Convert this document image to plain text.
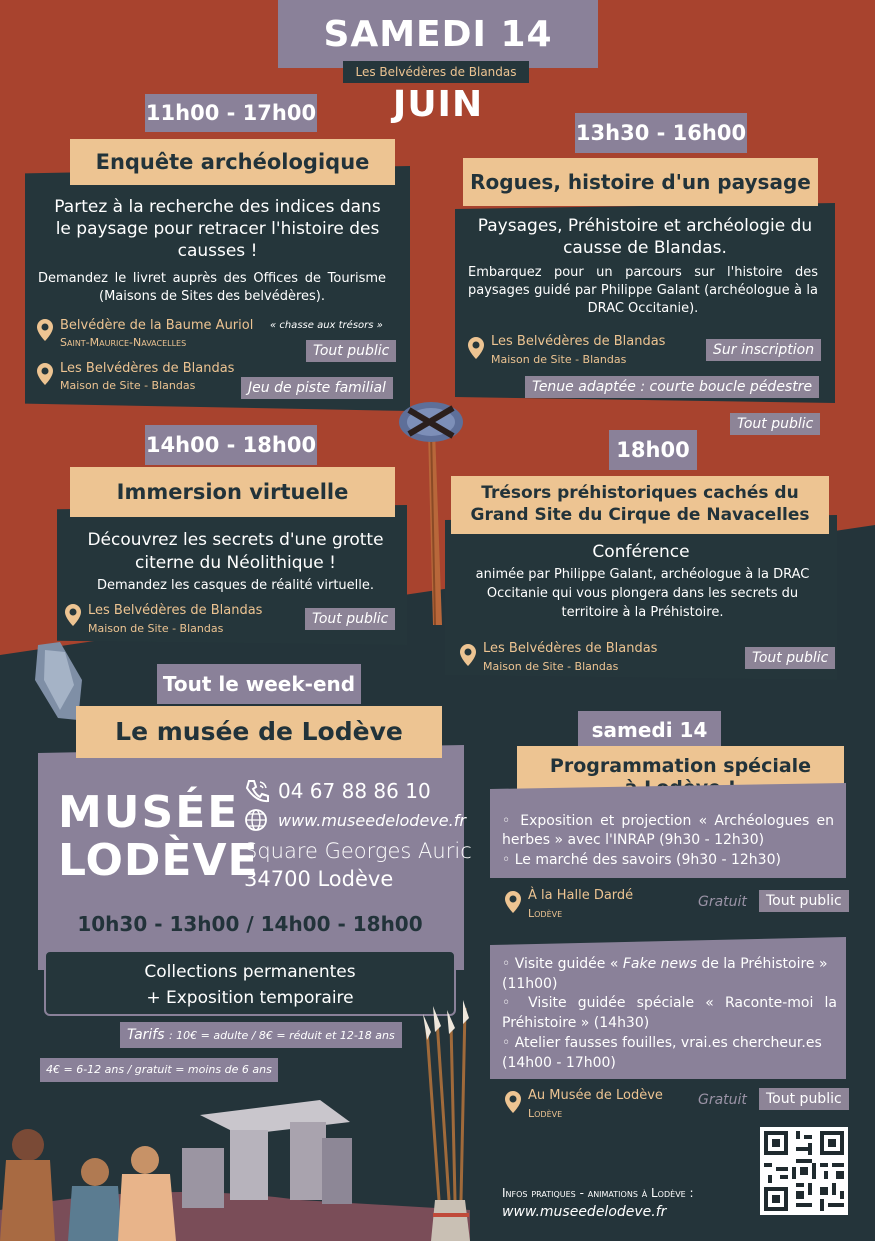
SAMEDI 14 JUIN
Les Belvédères de Blandas
11h00 - 17h00
Enquête archéologique
Partez à la recherche des indices dans le paysage pour retracer l'histoire des causses !
Demandez le livret auprès des Offices de Tourisme (Maisons de Sites des belvédères).
Belvédère de la Baume Auriol « chasse aux trésors »
Saint-Maurice-Navacelles
Tout public
Les Belvédères de Blandas
Maison de Site - Blandas	Jeu de piste familial
13h30 - 16h00
Rogues, histoire d'un paysage
Paysages, Préhistoire et archéologie du causse de Blandas.
Embarquez pour un parcours sur l'histoire des paysages guidé par Philippe Galant (archéologue à la DRAC Occitanie).
Les Belvédères de Blandas
Maison de Site - Blandas
Sur inscription
Tenue adaptée : courte boucle pédestre
Tout public
14h00 - 18h00
Immersion virtuelle
Découvrez les secrets d'une grotte citerne du Néolithique !
Demandez les casques de réalité virtuelle.
Les Belvédères de Blandas
Maison de Site - Blandas
Tout public
18h00
Trésors préhistoriques cachés du Grand Site du Cirque de Navacelles
Conférence
animée par Philippe Galant, archéologue à la DRAC Occitanie qui vous plongera dans les secrets du territoire à la Préhistoire.
Les Belvédères de Blandas
Maison de Site - Blandas
Tout public
Tout le week-end
Le musée de Lodève
MUSÉE
LODÈVE
04 67 88 86 10
www.museedelodeve.fr
Square Georges Auric
34700 Lodève
10h30 - 13h00 / 14h00 - 18h00
Collections permanentes
+ Exposition temporaire
Tarifs : 10€ = adulte / 8€ = réduit et 12-18 ans
4€ = 6-12 ans / gratuit = moins de 6 ans
samedi 14
Programmation spéciale
◦ Exposition et projection « Archéologues en herbes » avec l'INRAP (9h30 - 12h30)
◦ Le marché des savoirs (9h30 - 12h30)
À la Halle Dardé
Lodève
Gratuit	Tout public
◦ Visite guidée « Fake news de la Préhistoire » (11h00)
◦ Visite guidée spéciale « Raconte-moi la Préhistoire » (14h30)
◦ Atelier fausses fouilles, vrai.es chercheur.es (14h00 - 17h00)
Au Musée de Lodève
Lodève
Gratuit	Tout public
Infos pratiques - animations à Lodève :
www.museedelodeve.fr
